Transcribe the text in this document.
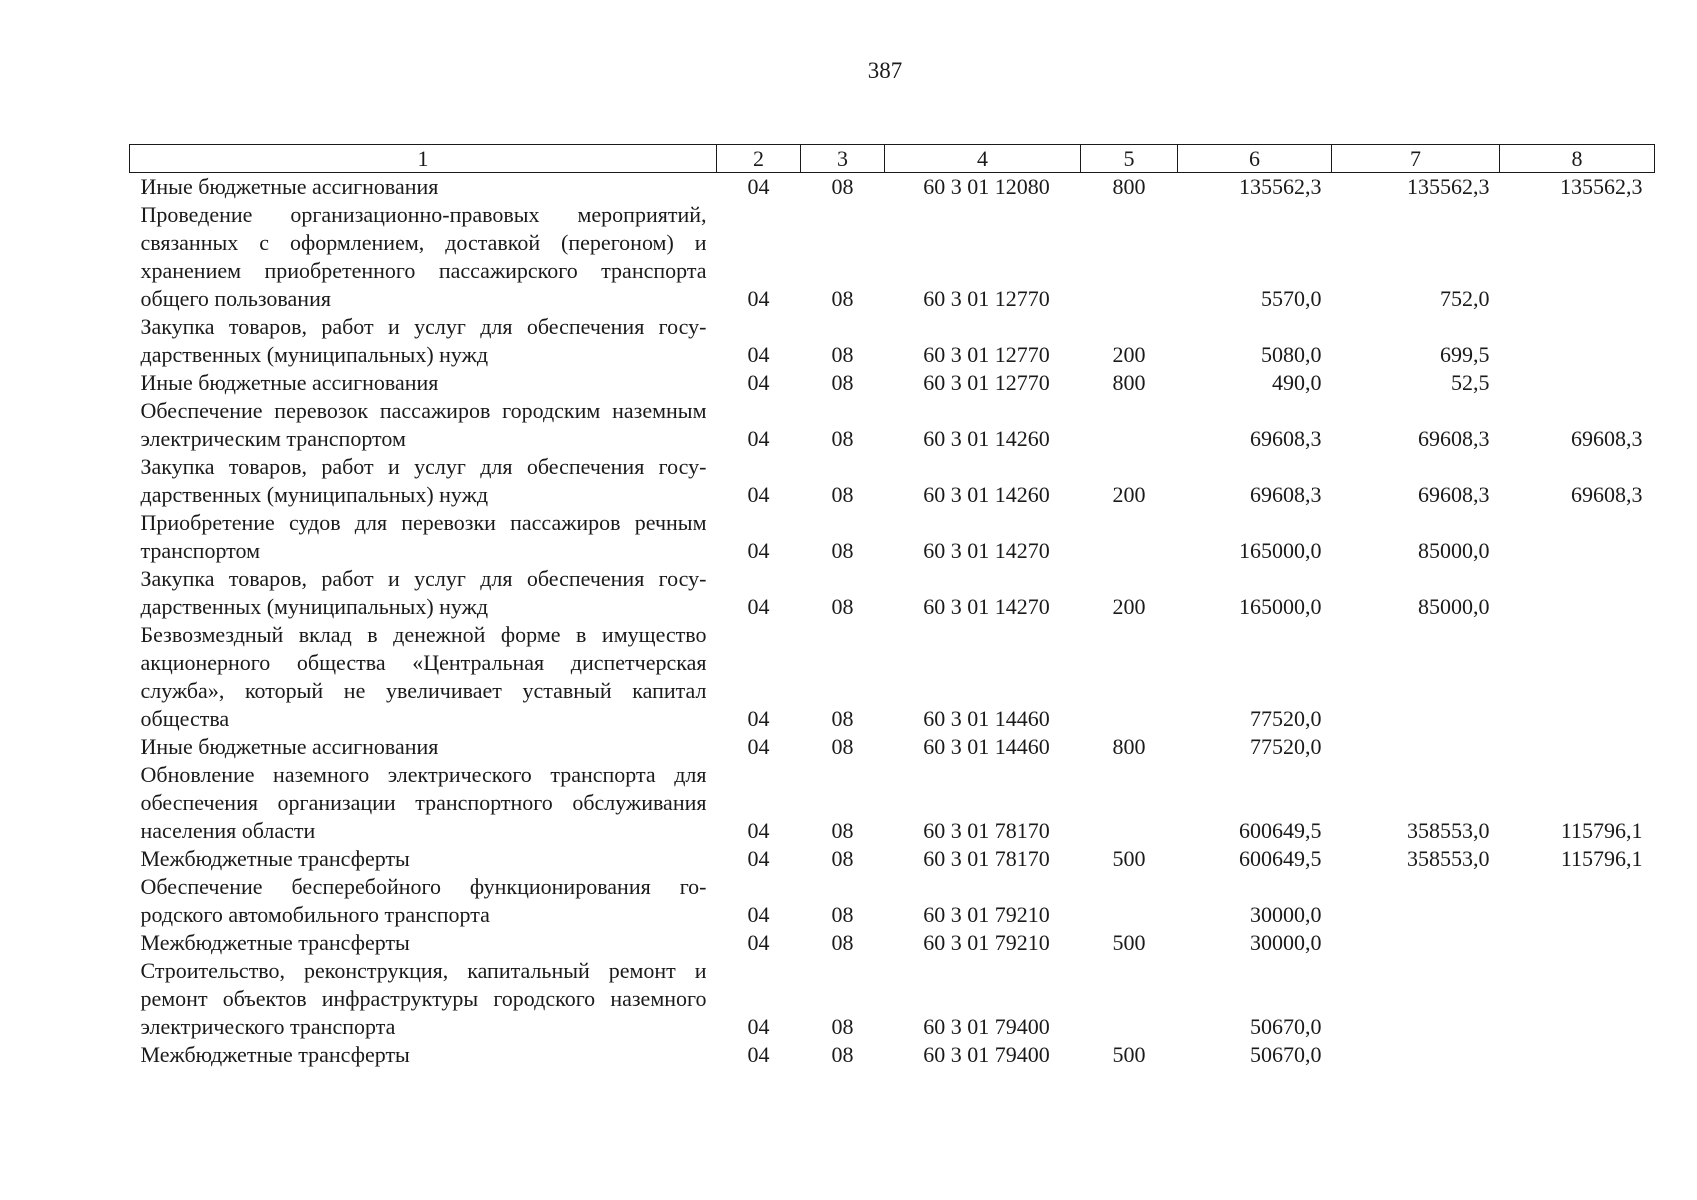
387
1	2	3	4	5	6	7	8
Иные бюджетные ассигнования	04	08	60 3 01 12080	800	135562,3	135562,3	135562,3
Проведение организационно-правовых мероприятий, связанных с оформлением, доставкой (перегоном) и хранением приобретенного пассажирского транспорта общего пользования	04	08	60 3 01 12770		5570,0	752,0	
Закупка товаров, работ и услуг для обеспечения государственных (муниципальных) нужд	04	08	60 3 01 12770	200	5080,0	699,5	
Иные бюджетные ассигнования	04	08	60 3 01 12770	800	490,0	52,5	
Обеспечение перевозок пассажиров городским наземным электрическим транспортом	04	08	60 3 01 14260		69608,3	69608,3	69608,3
Закупка товаров, работ и услуг для обеспечения государственных (муниципальных) нужд	04	08	60 3 01 14260	200	69608,3	69608,3	69608,3
Приобретение судов для перевозки пассажиров речным транспортом	04	08	60 3 01 14270		165000,0	85000,0	
Закупка товаров, работ и услуг для обеспечения государственных (муниципальных) нужд	04	08	60 3 01 14270	200	165000,0	85000,0	
Безвозмездный вклад в денежной форме в имущество акционерного общества «Центральная диспетчерская служба», который не увеличивает уставный капитал общества	04	08	60 3 01 14460		77520,0		
Иные бюджетные ассигнования	04	08	60 3 01 14460	800	77520,0		
Обновление наземного электрического транспорта для обеспечения организации транспортного обслуживания населения области	04	08	60 3 01 78170		600649,5	358553,0	115796,1
Межбюджетные трансферты	04	08	60 3 01 78170	500	600649,5	358553,0	115796,1
Обеспечение бесперебойного функционирования городского автомобильного транспорта	04	08	60 3 01 79210		30000,0		
Межбюджетные трансферты	04	08	60 3 01 79210	500	30000,0		
Строительство, реконструкция, капитальный ремонт и ремонт объектов инфраструктуры городского наземного электрического транспорта	04	08	60 3 01 79400		50670,0		
Межбюджетные трансферты	04	08	60 3 01 79400	500	50670,0		
